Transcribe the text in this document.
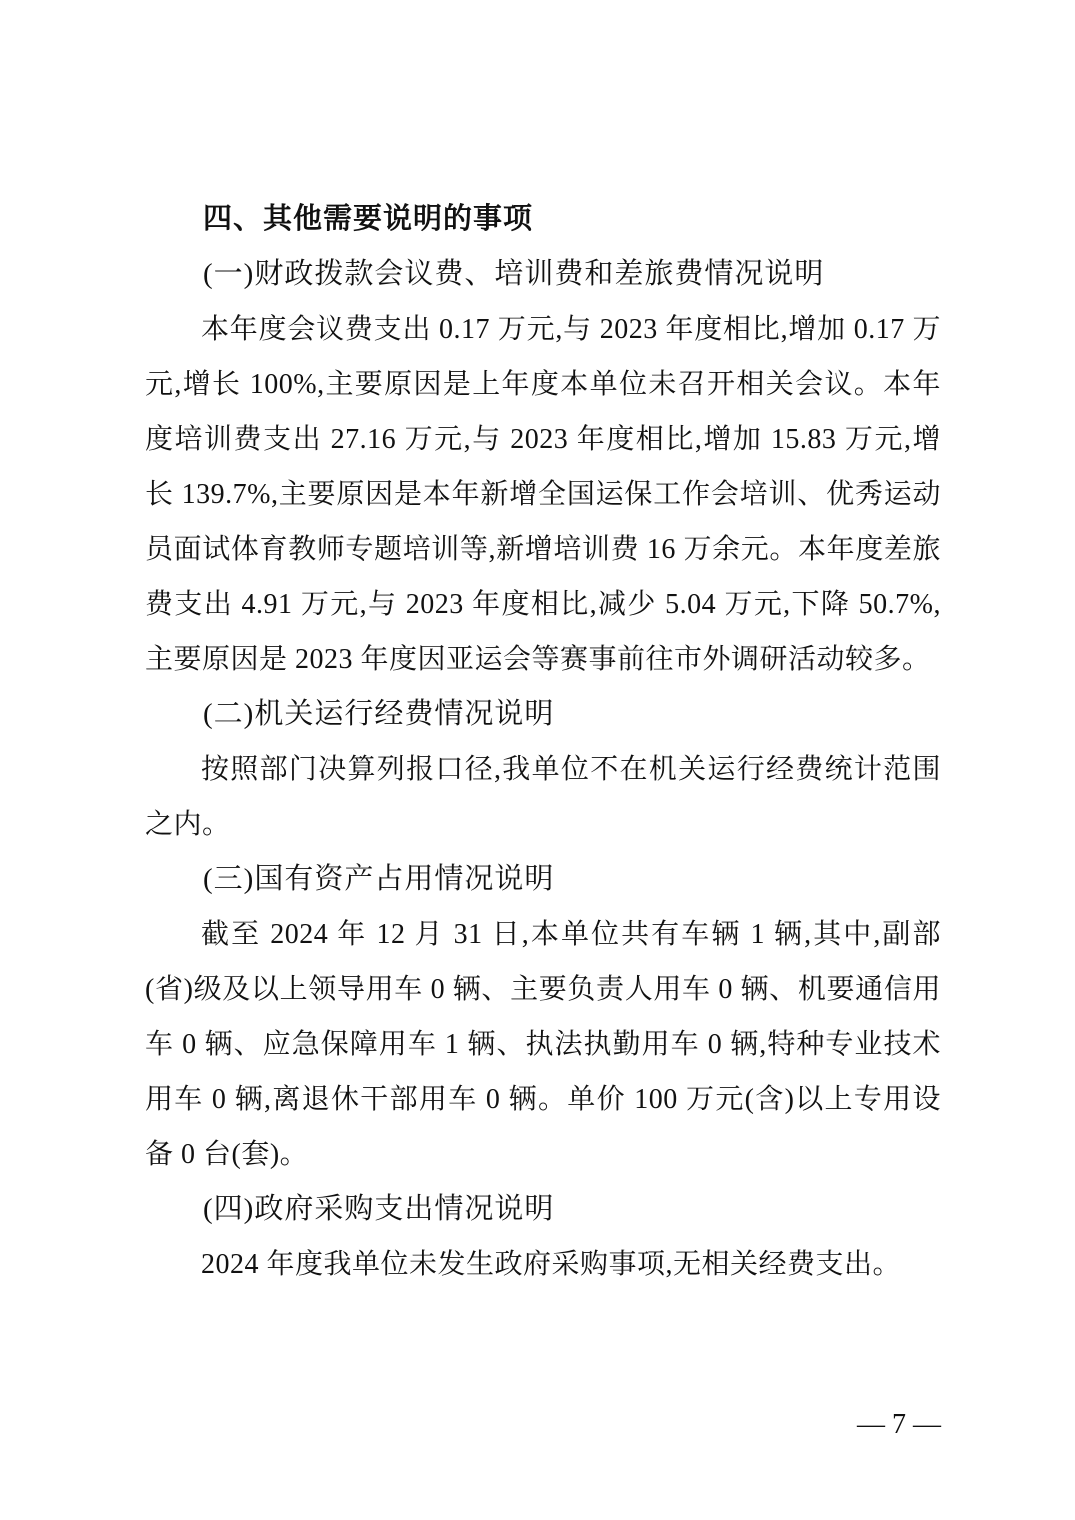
四、其他需要说明的事项

(一)财政拨款会议费、培训费和差旅费情况说明

本年度会议费支出 0.17 万元,与 2023 年度相比,增加 0.17 万元,增长 100%,主要原因是上年度本单位未召开相关会议。本年度培训费支出 27.16 万元,与 2023 年度相比,增加 15.83 万元,增长 139.7%,主要原因是本年新增全国运保工作会培训、优秀运动员面试体育教师专题培训等,新增培训费 16 万余元。本年度差旅费支出 4.91 万元,与 2023 年度相比,减少 5.04 万元,下降 50.7%,主要原因是 2023 年度因亚运会等赛事前往市外调研活动较多。

(二)机关运行经费情况说明

按照部门决算列报口径,我单位不在机关运行经费统计范围之内。

(三)国有资产占用情况说明

截至 2024 年 12 月 31 日,本单位共有车辆 1 辆,其中,副部(省)级及以上领导用车 0 辆、主要负责人用车 0 辆、机要通信用车 0 辆、应急保障用车 1 辆、执法执勤用车 0 辆,特种专业技术用车 0 辆,离退休干部用车 0 辆。单价 100 万元(含)以上专用设备 0 台(套)。

(四)政府采购支出情况说明

2024 年度我单位未发生政府采购事项,无相关经费支出。

— 7 —
